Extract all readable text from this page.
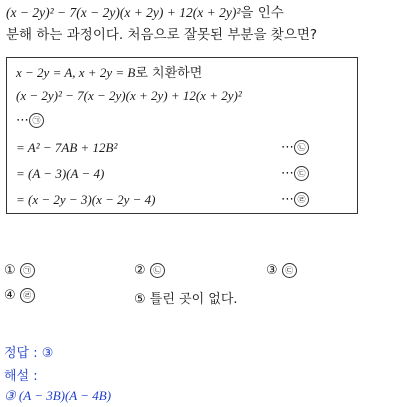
(x − 2y)² − 7(x − 2y)(x + 2y) + 12(x + 2y)²을 인수
분해 하는 과정이다. 처음으로 잘못된 부분을 찾으면?
x − 2y = A, x + 2y = B로 치환하면
(x − 2y)² − 7(x − 2y)(x + 2y) + 12(x + 2y)²
⋯ ㉠
= A² − 7AB + 12B²	⋯ ㉡
= (A − 3)(A − 4)	⋯ ㉢
= (x − 2y − 3)(x − 2y − 4)	⋯ ㉣
① ㉠	② ㉡	③ ㉢
④ ㉣	⑤ 틀린 곳이 없다.
정답 : ③
해설 :
③ (A − 3B)(A − 4B)
